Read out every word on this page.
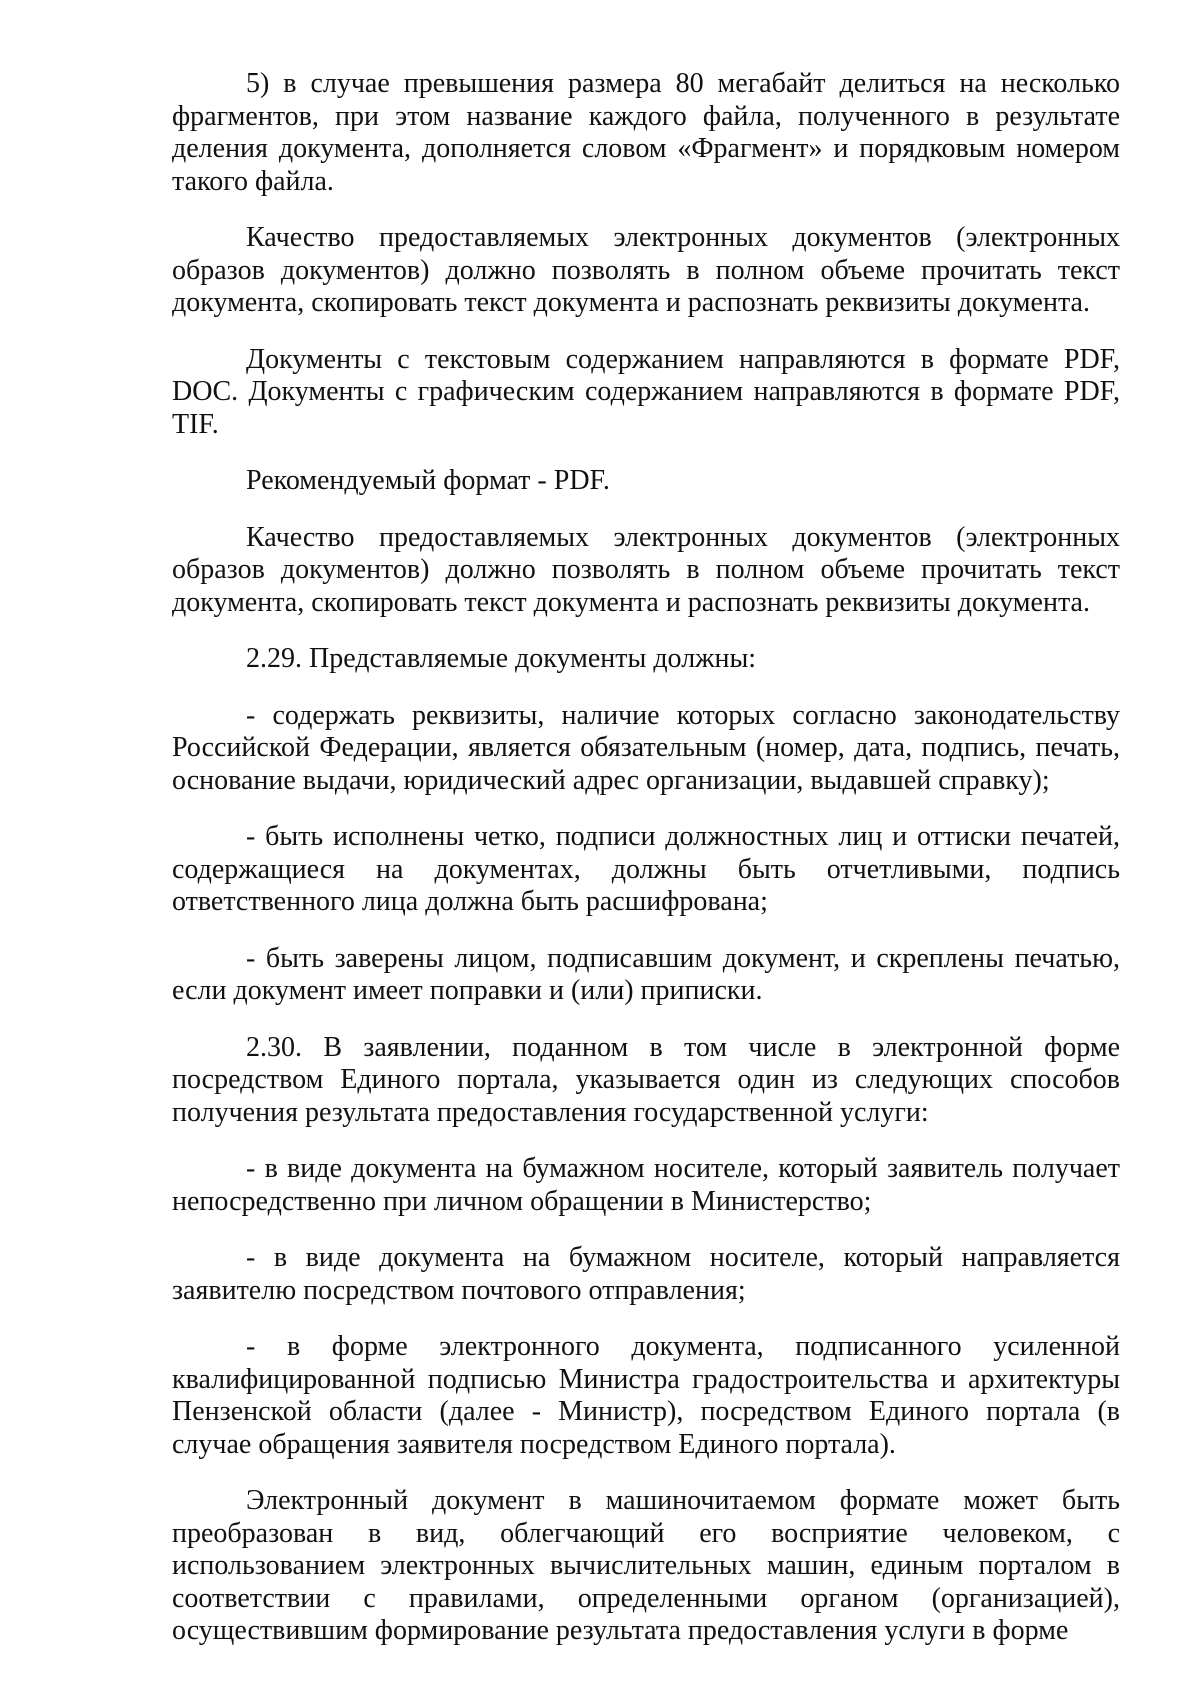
5) в случае превышения размера 80 мегабайт делиться на несколько фрагментов, при этом название каждого файла, полученного в результате деления документа, дополняется словом «Фрагмент» и порядковым номером такого файла.

Качество предоставляемых электронных документов (электронных образов документов) должно позволять в полном объеме прочитать текст документа, скопировать текст документа и распознать реквизиты документа.

Документы с текстовым содержанием направляются в формате PDF, DOC. Документы с графическим содержанием направляются в формате PDF, TIF.

Рекомендуемый формат - PDF.

Качество предоставляемых электронных документов (электронных образов документов) должно позволять в полном объеме прочитать текст документа, скопировать текст документа и распознать реквизиты документа.

2.29. Представляемые документы должны:

- содержать реквизиты, наличие которых согласно законодательству Российской Федерации, является обязательным (номер, дата, подпись, печать, основание выдачи, юридический адрес организации, выдавшей справку);

- быть исполнены четко, подписи должностных лиц и оттиски печатей, содержащиеся на документах, должны быть отчетливыми, подпись ответственного лица должна быть расшифрована;

- быть заверены лицом, подписавшим документ, и скреплены печатью, если документ имеет поправки и (или) приписки.

2.30. В заявлении, поданном в том числе в электронной форме посредством Единого портала, указывается один из следующих способов получения результата предоставления государственной услуги:

- в виде документа на бумажном носителе, который заявитель получает непосредственно при личном обращении в Министерство;

- в виде документа на бумажном носителе, который направляется заявителю посредством почтового отправления;

- в форме электронного документа, подписанного усиленной квалифицированной подписью Министра градостроительства и архитектуры Пензенской области (далее - Министр), посредством Единого портала (в случае обращения заявителя посредством Единого портала).

Электронный документ в машиночитаемом формате может быть преобразован в вид, облегчающий его восприятие человеком, с использованием электронных вычислительных машин, единым порталом в соответствии с правилами, определенными органом (организацией), осуществившим формирование результата предоставления услуги в форме
